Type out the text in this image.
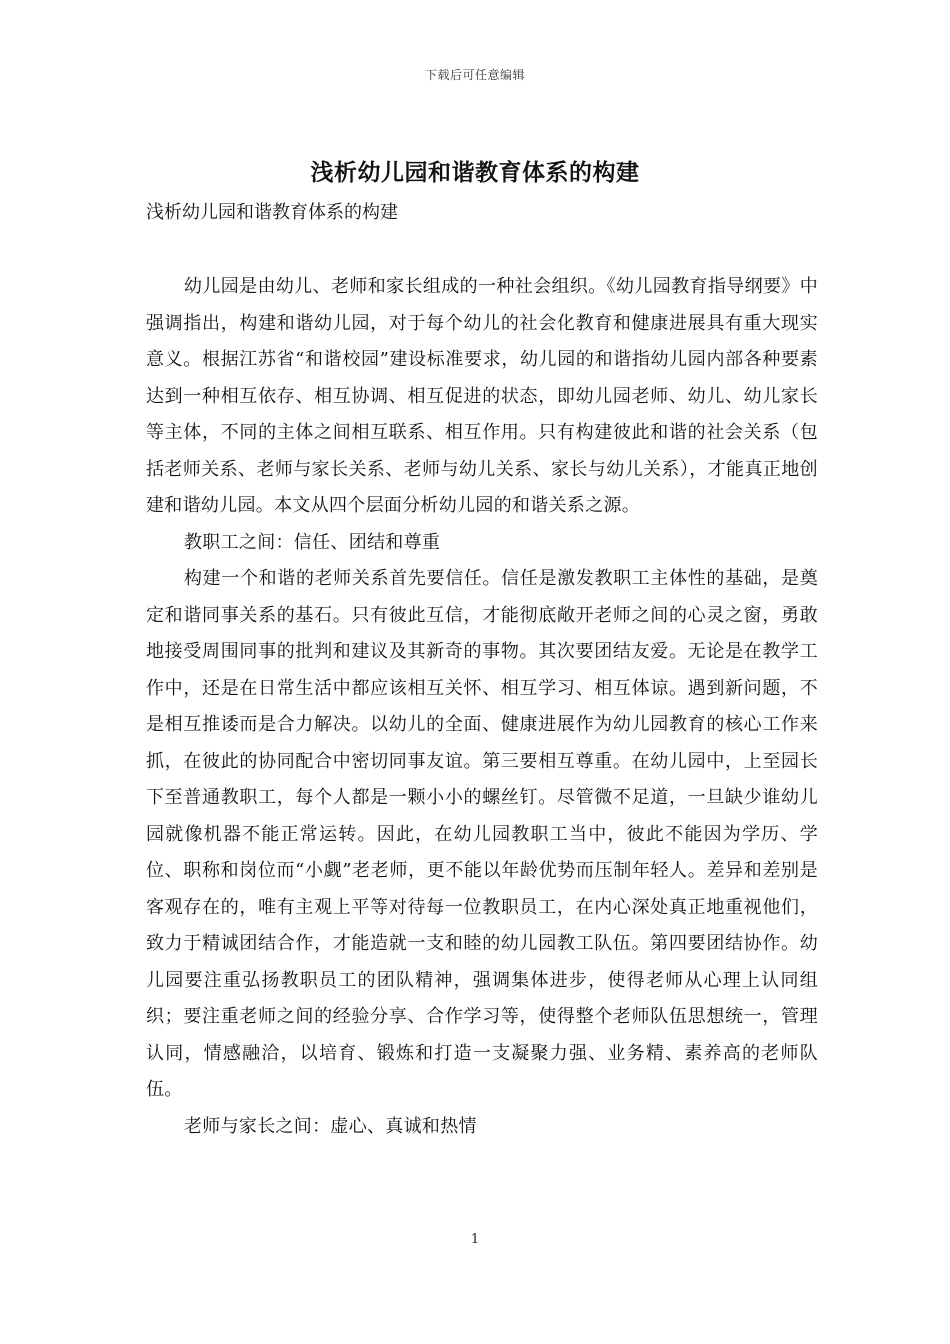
下载后可任意编辑
浅析幼儿园和谐教育体系的构建
浅析幼儿园和谐教育体系的构建

幼儿园是由幼儿、老师和家长组成的一种社会组织。《幼儿园教育指导纲要》中强调指出，构建和谐幼儿园，对于每个幼儿的社会化教育和健康进展具有重大现实意义。根据江苏省“和谐校园”建设标准要求，幼儿园的和谐指幼儿园内部各种要素达到一种相互依存、相互协调、相互促进的状态，即幼儿园老师、幼儿、幼儿家长等主体，不同的主体之间相互联系、相互作用。只有构建彼此和谐的社会关系（包括老师关系、老师与家长关系、老师与幼儿关系、家长与幼儿关系），才能真正地创建和谐幼儿园。本文从四个层面分析幼儿园的和谐关系之源。

教职工之间：信任、团结和尊重

构建一个和谐的老师关系首先要信任。信任是激发教职工主体性的基础，是奠定和谐同事关系的基石。只有彼此互信，才能彻底敞开老师之间的心灵之窗，勇敢地接受周围同事的批判和建议及其新奇的事物。其次要团结友爱。无论是在教学工作中，还是在日常生活中都应该相互关怀、相互学习、相互体谅。遇到新问题，不是相互推诿而是合力解决。以幼儿的全面、健康进展作为幼儿园教育的核心工作来抓，在彼此的协同配合中密切同事友谊。第三要相互尊重。在幼儿园中，上至园长下至普通教职工，每个人都是一颗小小的螺丝钉。尽管微不足道，一旦缺少谁幼儿园就像机器不能正常运转。因此，在幼儿园教职工当中，彼此不能因为学历、学位、职称和岗位而“小觑”老老师，更不能以年龄优势而压制年轻人。差异和差别是客观存在的，唯有主观上平等对待每一位教职员工，在内心深处真正地重视他们，致力于精诚团结合作，才能造就一支和睦的幼儿园教工队伍。第四要团结协作。幼儿园要注重弘扬教职员工的团队精神，强调集体进步，使得老师从心理上认同组织；要注重老师之间的经验分享、合作学习等，使得整个老师队伍思想统一，管理认同，情感融洽，以培育、锻炼和打造一支凝聚力强、业务精、素养高的老师队伍。

老师与家长之间：虚心、真诚和热情

1
